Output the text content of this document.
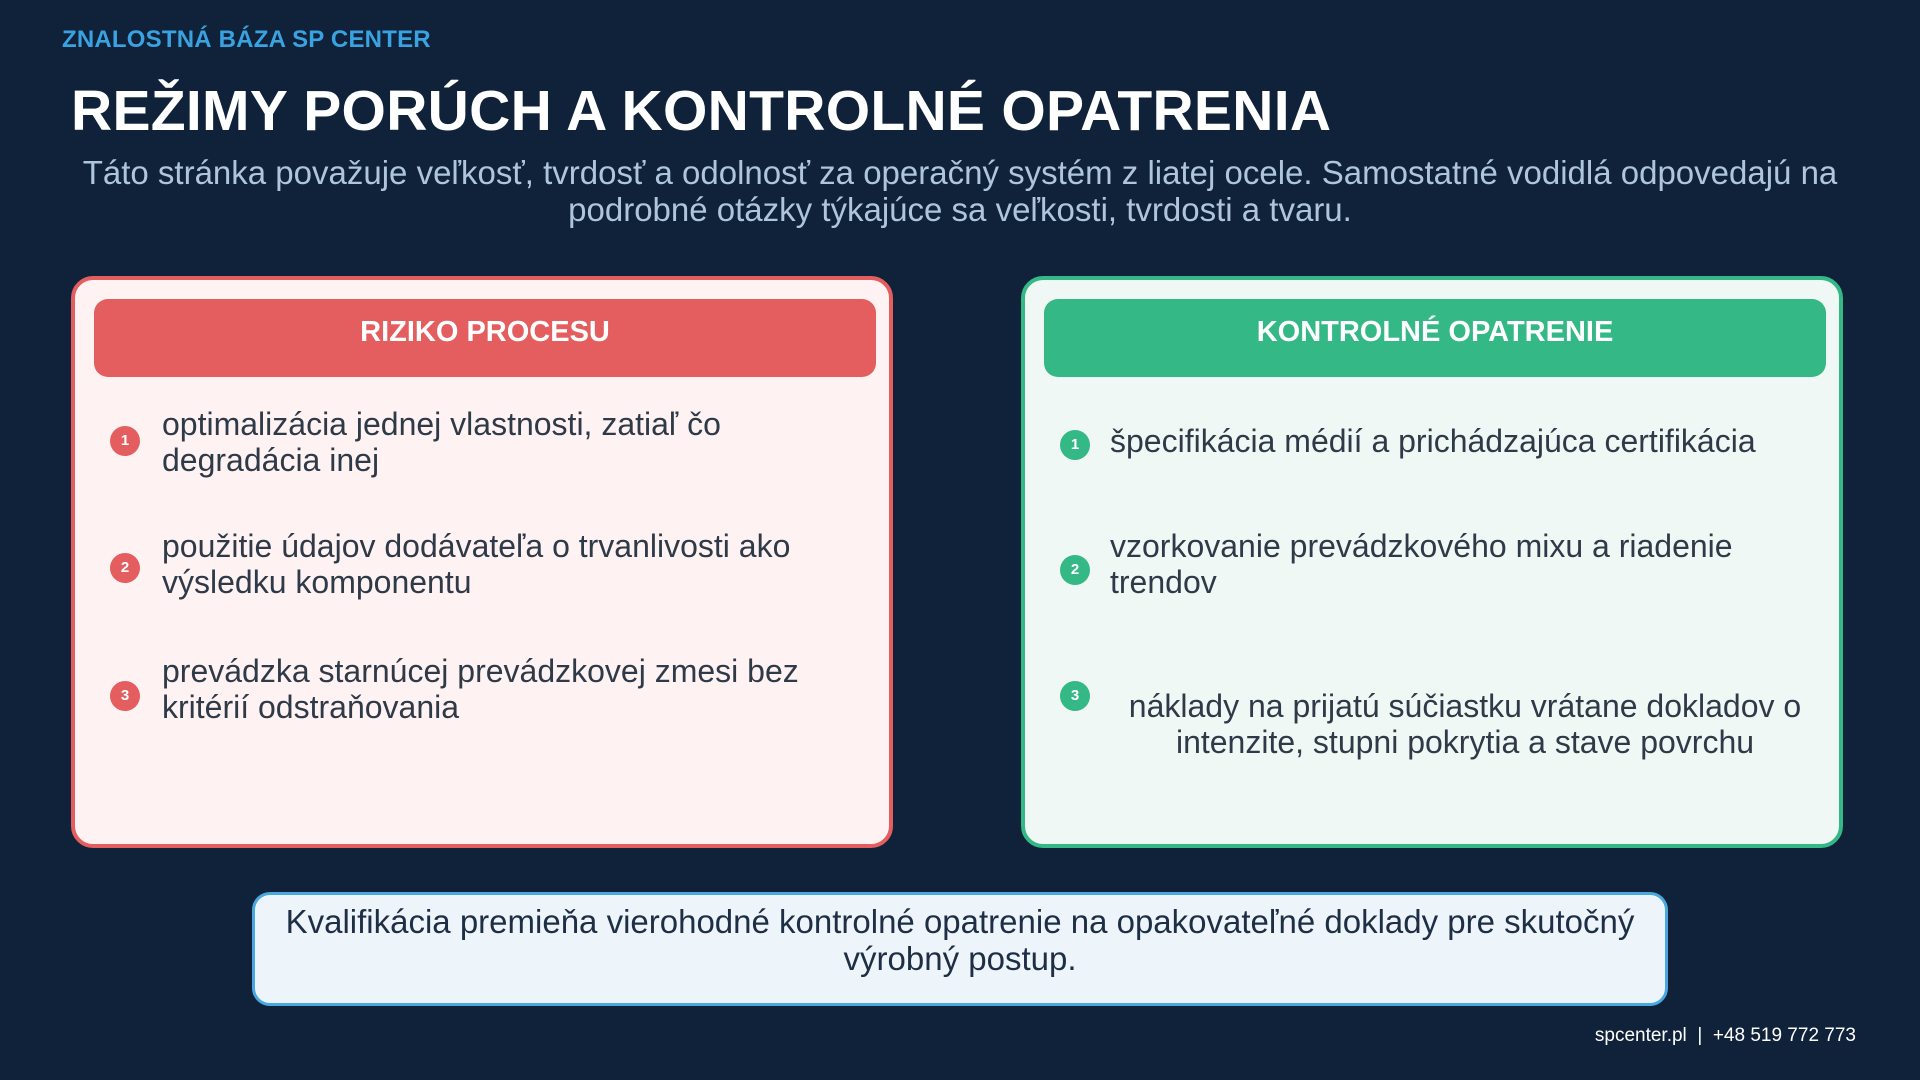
ZNALOSTNÁ BÁZA SP CENTER
REŽIMY PORÚCH A KONTROLNÉ OPATRENIA
Táto stránka považuje veľkosť, tvrdosť a odolnosť za operačný systém z liatej ocele. Samostatné vodidlá odpovedajú na podrobné otázky týkajúce sa veľkosti, tvrdosti a tvaru.
RIZIKO PROCESU
1	optimalizácia jednej vlastnosti, zatiaľ čo degradácia inej
2
použitie údajov dodávateľa o trvanlivosti ako výsledku komponentu
3
prevádzka starnúcej prevádzkovej zmesi bez kritérií odstraňovania
KONTROLNÉ OPATRENIE
1 špecifikácia médií a prichádzajúca certifikácia
2
vzorkovanie prevádzkového mixu a riadenie trendov
3	náklady na prijatú súčiastku vrátane dokladov o intenzite, stupni pokrytia a stave povrchu
Kvalifikácia premieňa vierohodné kontrolné opatrenie na opakovateľné doklady pre skutočný výrobný postup.
spcenter.pl  |  +48 519 772 773
